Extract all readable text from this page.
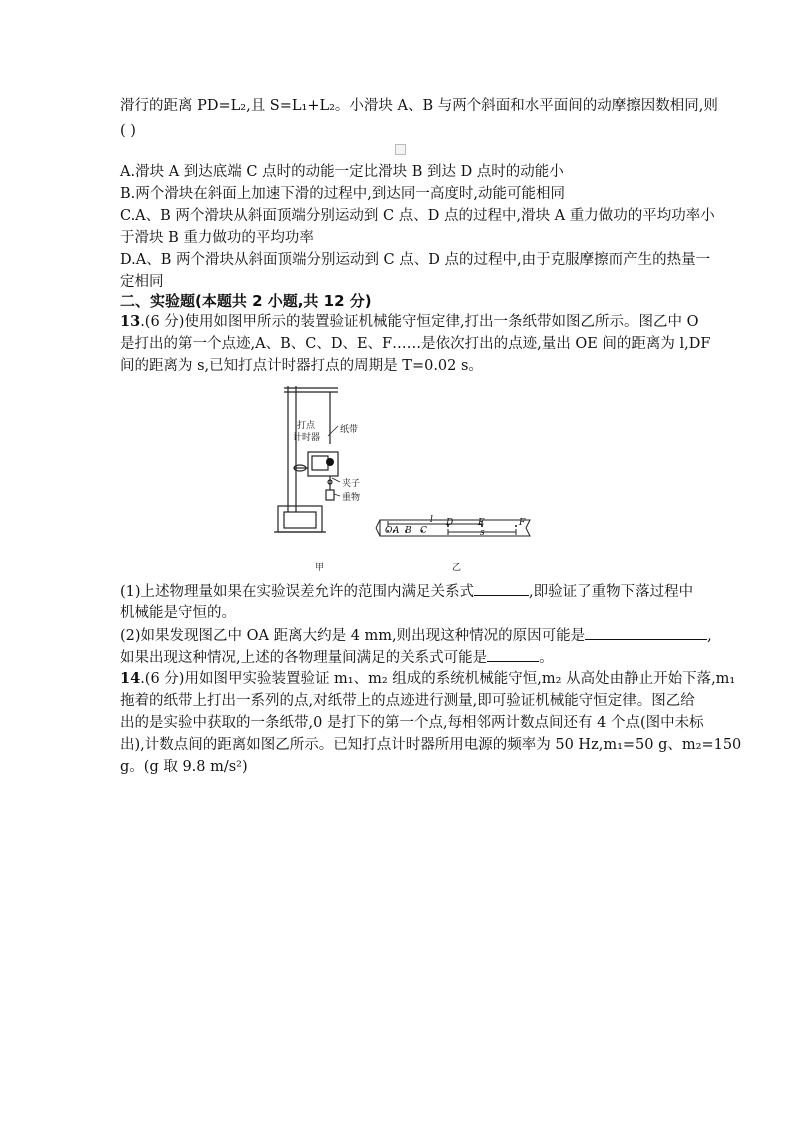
滑行的距离 PD=L₂,且 S=L₁+L₂。小滑块 A、B 与两个斜面和水平面间的动摩擦因数相同,则
( )
A.滑块 A 到达底端 C 点时的动能一定比滑块 B 到达 D 点时的动能小
B.两个滑块在斜面上加速下滑的过程中,到达同一高度时,动能可能相同
C.A、B 两个滑块从斜面顶端分别运动到 C 点、D 点的过程中,滑块 A 重力做功的平均功率小
于滑块 B 重力做功的平均功率
D.A、B 两个滑块从斜面顶端分别运动到 C 点、D 点的过程中,由于克服摩擦而产生的热量一
定相同
二、实验题(本题共 2 小题,共 12 分)
13.(6 分)使用如图甲所示的装置验证机械能守恒定律,打出一条纸带如图乙所示。图乙中 O
是打出的第一个点迹,A、B、C、D、E、F……是依次打出的点迹,量出 OE 间的距离为 l,DF
间的距离为 s,已知打点计时器打点的周期是 T=0.02 s。
打点
计时器
纸带
夹子
重物
O A B C
D	E	F
l
s
甲	乙
(1)上述物理量如果在实验误差允许的范围内满足关系式	,即验证了重物下落过程中
机械能是守恒的。
(2)如果发现图乙中 OA 距离大约是 4 mm,则出现这种情况的原因可能是	,
如果出现这种情况,上述的各物理量间满足的关系式可能是	。
14.(6 分)用如图甲实验装置验证 m₁、m₂ 组成的系统机械能守恒,m₂ 从高处由静止开始下落,m₁
拖着的纸带上打出一系列的点,对纸带上的点迹进行测量,即可验证机械能守恒定律。图乙给
出的是实验中获取的一条纸带,0 是打下的第一个点,每相邻两计数点间还有 4 个点(图中未标
出),计数点间的距离如图乙所示。已知打点计时器所用电源的频率为 50 Hz,m₁=50 g、m₂=150
g。(g 取 9.8 m/s²)
